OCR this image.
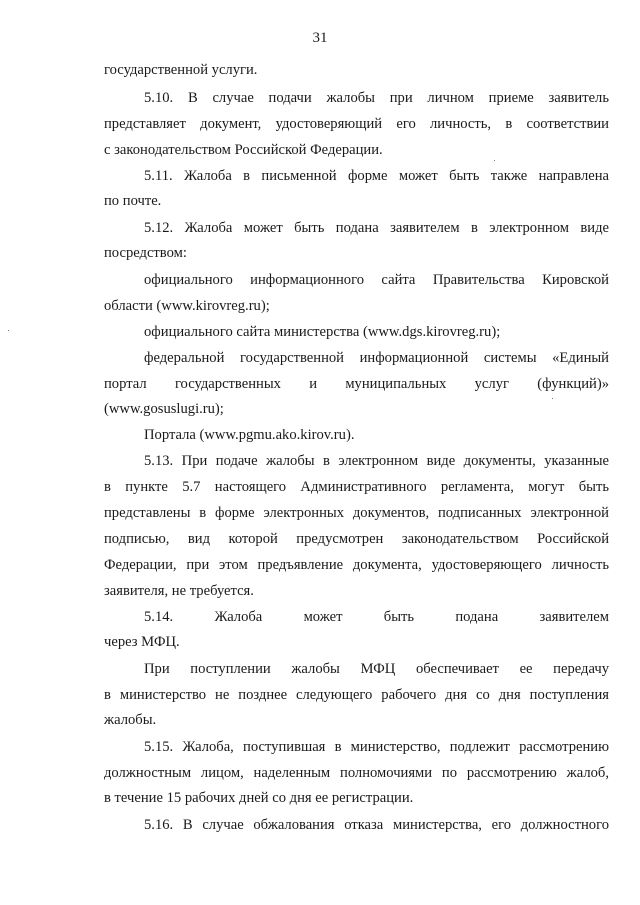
31
государственной услуги.
5.10. В случае подачи жалобы при личном приеме заявитель
представляет документ, удостоверяющий его личность, в соответствии
с законодательством Российской Федерации.
5.11. Жалоба в письменной форме может быть также направлена
по почте.
5.12. Жалоба может быть подана заявителем в электронном виде
посредством:
официального информационного сайта Правительства Кировской
области (www.kirovreg.ru);
официального сайта министерства (www.dgs.kirovreg.ru);
федеральной государственной информационной системы «Единый
портал государственных и муниципальных услуг (функций)»
(www.gosuslugi.ru);
Портала (www.pgmu.ako.kirov.ru).
5.13. При подаче жалобы в электронном виде документы, указанные
в пункте 5.7 настоящего Административного регламента, могут быть
представлены в форме электронных документов, подписанных электронной
подписью, вид которой предусмотрен законодательством Российской
Федерации, при этом предъявление документа, удостоверяющего личность
заявителя, не требуется.
5.14. Жалоба может быть подана заявителем
через МФЦ.
При поступлении жалобы МФЦ обеспечивает ее передачу
в министерство не позднее следующего рабочего дня со дня поступления
жалобы.
5.15. Жалоба, поступившая в министерство, подлежит рассмотрению
должностным лицом, наделенным полномочиями по рассмотрению жалоб,
в течение 15 рабочих дней со дня ее регистрации.
5.16. В случае обжалования отказа министерства, его должностного
